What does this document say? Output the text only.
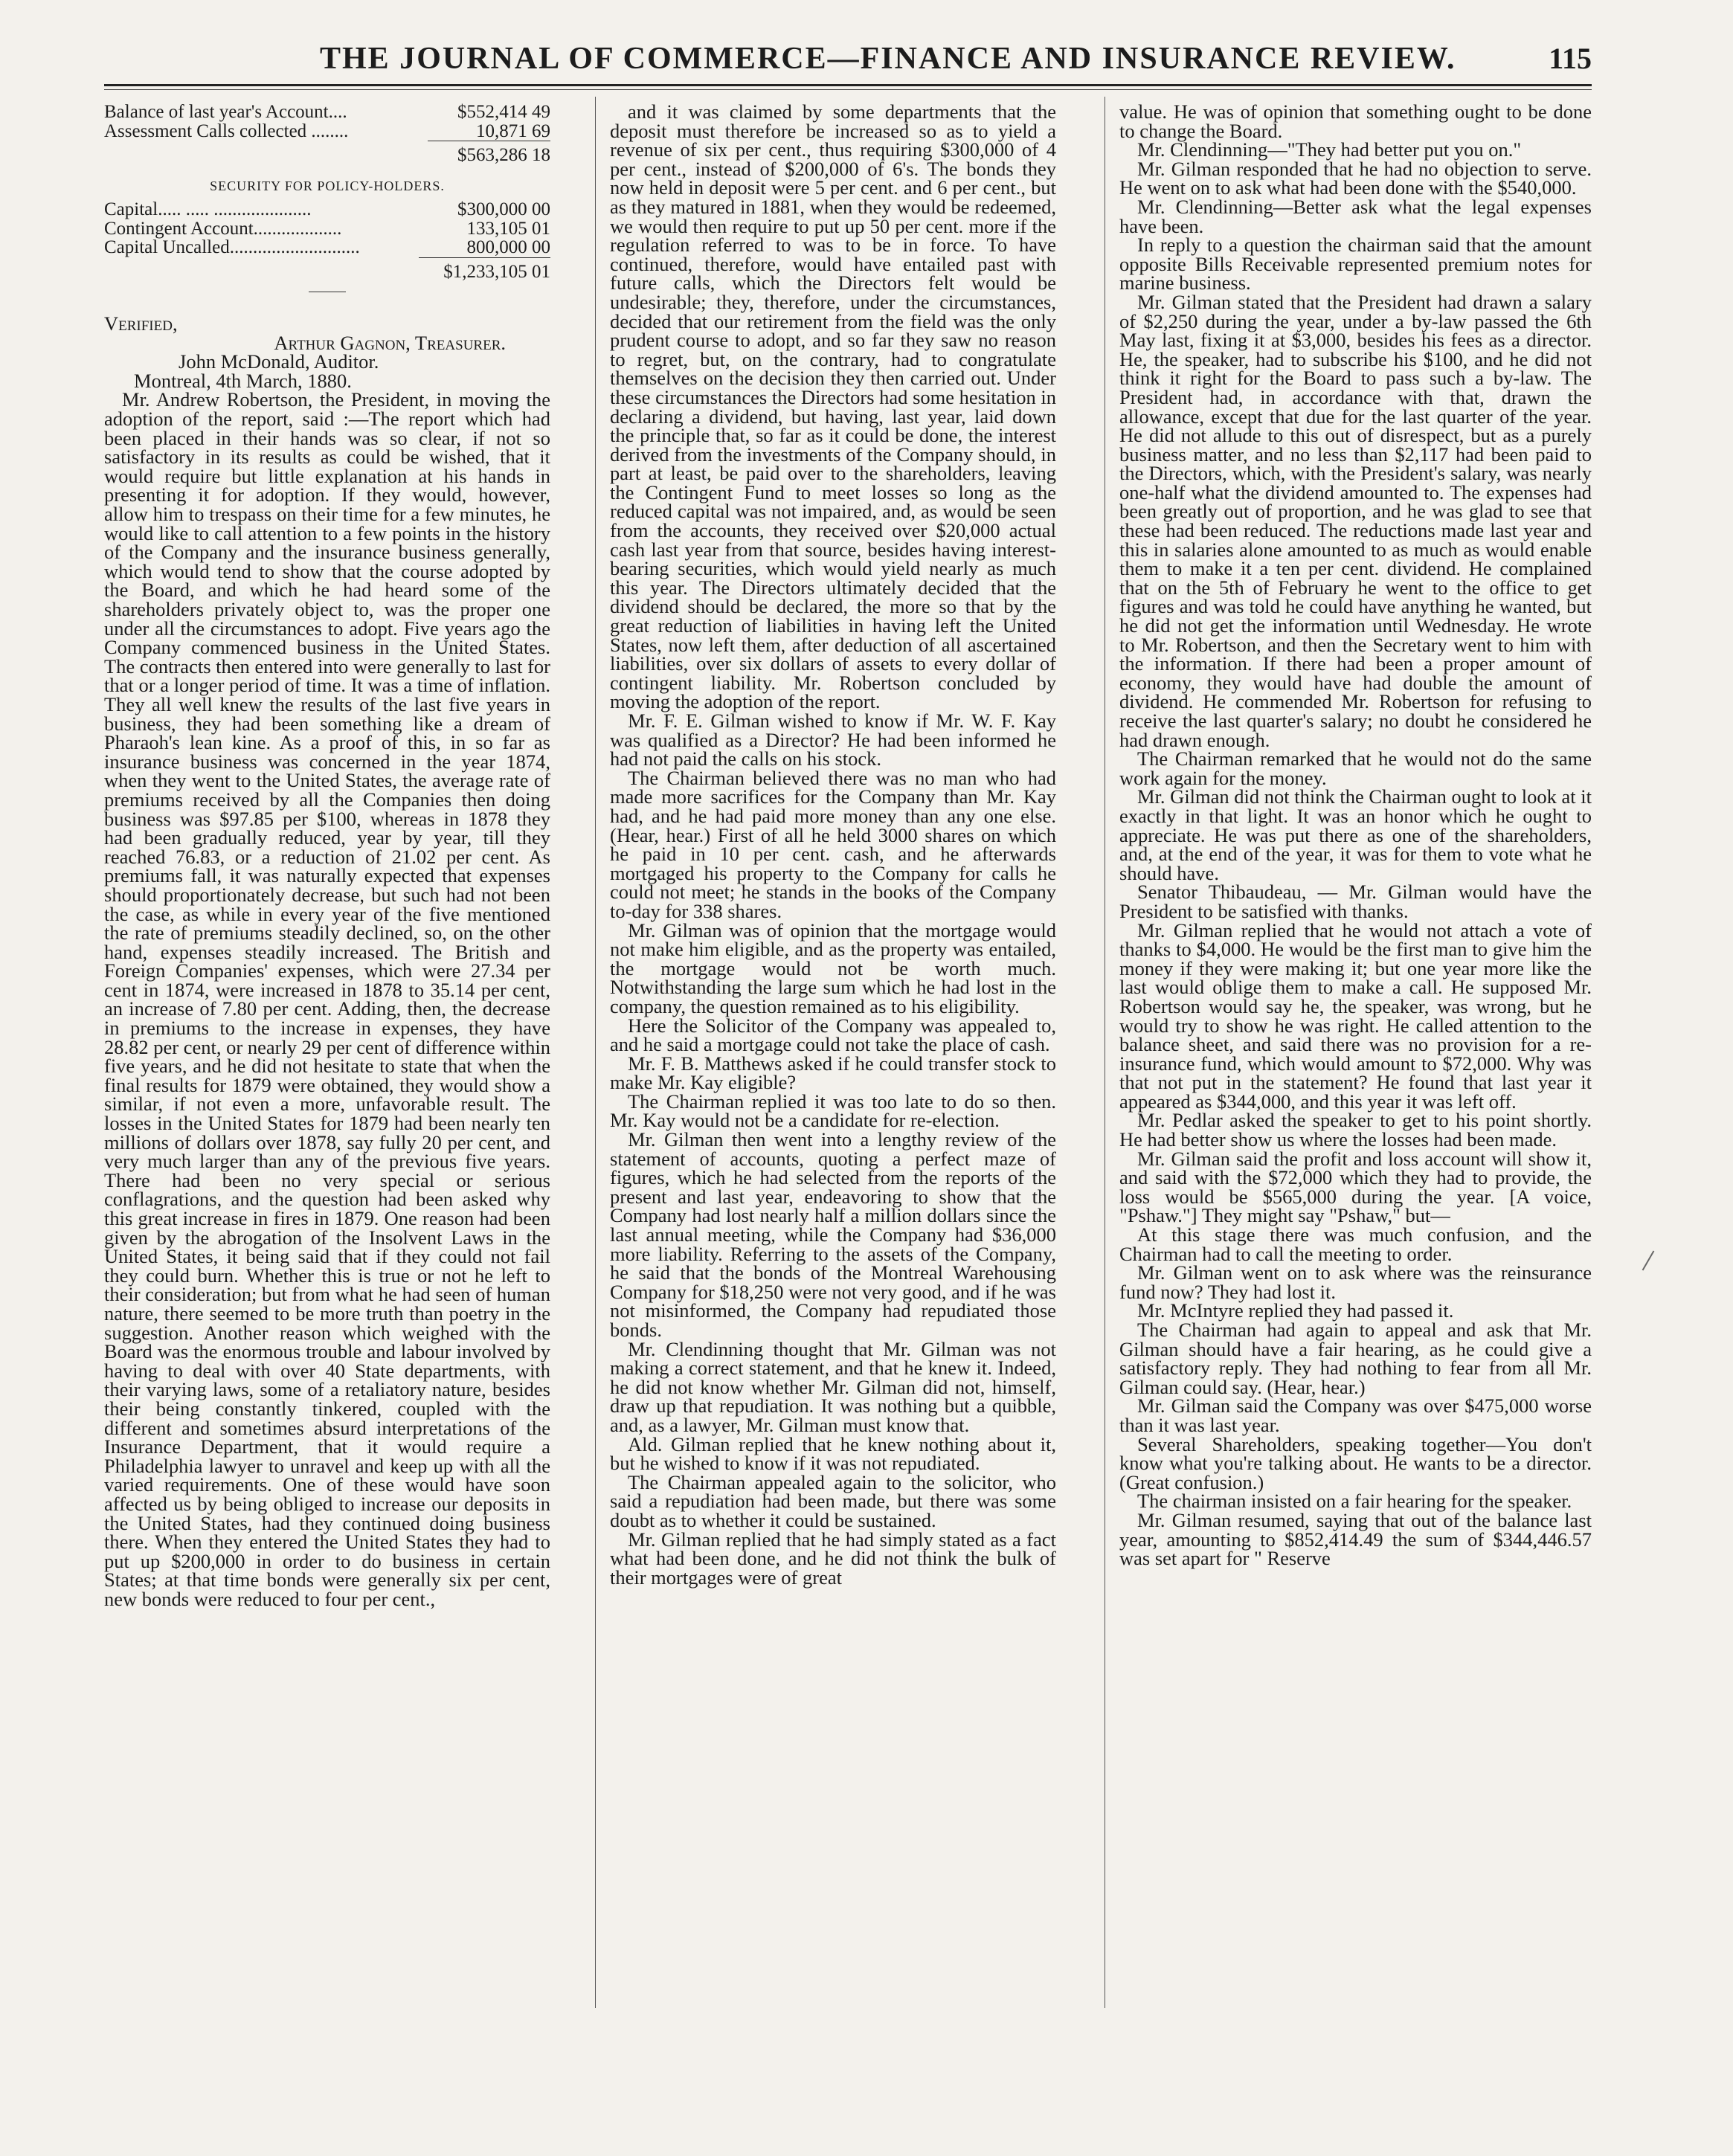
THE JOURNAL OF COMMERCE—FINANCE AND INSURANCE REVIEW.	115
Balance of last year's Account....	$552,414 49
Assessment Calls collected ........	10,871 69
	$563,286 18
SECURITY FOR POLICY-HOLDERS.
Capital..... ..... .....................	$300,000 00
Contingent Account...................	133,105 01
Capital Uncalled............................	800,000 00
	$1,233,105 01

Verified,

Arthur Gagnon, Treasurer.

John McDonald, Auditor.

Montreal, 4th March, 1880.

Mr. Andrew Robertson, the President, in moving the adoption of the report, said :—The report which had been placed in their hands was so clear, if not so satisfactory in its results as could be wished, that it would require but little explanation at his hands in presenting it for adoption. If they would, however, allow him to trespass on their time for a few minutes, he would like to call attention to a few points in the history of the Company and the insurance business generally, which would tend to show that the course adopted by the Board, and which he had heard some of the shareholders privately object to, was the proper one under all the circumstances to adopt. Five years ago the Company commenced business in the United States. The contracts then entered into were generally to last for that or a longer period of time. It was a time of inflation. They all well knew the results of the last five years in business, they had been something like a dream of Pharaoh's lean kine. As a proof of this, in so far as insurance business was concerned in the year 1874, when they went to the United States, the average rate of premiums received by all the Companies then doing business was $97.85 per $100, whereas in 1878 they had been gradually reduced, year by year, till they reached 76.83, or a reduction of 21.02 per cent. As premiums fall, it was naturally expected that expenses should proportionately decrease, but such had not been the case, as while in every year of the five mentioned the rate of premiums steadily declined, so, on the other hand, expenses steadily increased. The British and Foreign Companies' expenses, which were 27.34 per cent in 1874, were increased in 1878 to 35.14 per cent, an increase of 7.80 per cent. Adding, then, the decrease in premiums to the increase in expenses, they have 28.82 per cent, or nearly 29 per cent of difference within five years, and he did not hesitate to state that when the final results for 1879 were obtained, they would show a similar, if not even a more, unfavorable result. The losses in the United States for 1879 had been nearly ten millions of dollars over 1878, say fully 20 per cent, and very much larger than any of the previous five years. There had been no very special or serious conflagrations, and the question had been asked why this great increase in fires in 1879. One reason had been given by the abrogation of the Insolvent Laws in the United States, it being said that if they could not fail they could burn. Whether this is true or not he left to their consideration; but from what he had seen of human nature, there seemed to be more truth than poetry in the suggestion. Another reason which weighed with the Board was the enormous trouble and labour involved by having to deal with over 40 State departments, with their varying laws, some of a retaliatory nature, besides their being constantly tinkered, coupled with the different and sometimes absurd interpretations of the Insurance Department, that it would require a Philadelphia lawyer to unravel and keep up with all the varied requirements. One of these would have soon affected us by being obliged to increase our deposits in the United States, had they continued doing business there. When they entered the United States they had to put up $200,000 in order to do business in certain States; at that time bonds were generally six per cent, new bonds were reduced to four per cent.,

and it was claimed by some departments that the deposit must therefore be increased so as to yield a revenue of six per cent., thus requiring $300,000 of 4 per cent., instead of $200,000 of 6's. The bonds they now held in deposit were 5 per cent. and 6 per cent., but as they matured in 1881, when they would be redeemed, we would then require to put up 50 per cent. more if the regulation referred to was to be in force. To have continued, therefore, would have entailed past with future calls, which the Directors felt would be undesirable; they, therefore, under the circumstances, decided that our retirement from the field was the only prudent course to adopt, and so far they saw no reason to regret, but, on the contrary, had to congratulate themselves on the decision they then carried out. Under these circumstances the Directors had some hesitation in declaring a dividend, but having, last year, laid down the principle that, so far as it could be done, the interest derived from the investments of the Company should, in part at least, be paid over to the shareholders, leaving the Contingent Fund to meet losses so long as the reduced capital was not impaired, and, as would be seen from the accounts, they received over $20,000 actual cash last year from that source, besides having interest-bearing securities, which would yield nearly as much this year. The Directors ultimately decided that the dividend should be declared, the more so that by the great reduction of liabilities in having left the United States, now left them, after deduction of all ascertained liabilities, over six dollars of assets to every dollar of contingent liability. Mr. Robertson concluded by moving the adoption of the report.

Mr. F. E. Gilman wished to know if Mr. W. F. Kay was qualified as a Director? He had been informed he had not paid the calls on his stock.

The Chairman believed there was no man who had made more sacrifices for the Company than Mr. Kay had, and he had paid more money than any one else. (Hear, hear.) First of all he held 3000 shares on which he paid in 10 per cent. cash, and he afterwards mortgaged his property to the Company for calls he could not meet; he stands in the books of the Company to-day for 338 shares.

Mr. Gilman was of opinion that the mortgage would not make him eligible, and as the property was entailed, the mortgage would not be worth much. Notwithstanding the large sum which he had lost in the company, the question remained as to his eligibility.

Here the Solicitor of the Company was appealed to, and he said a mortgage could not take the place of cash.

Mr. F. B. Matthews asked if he could transfer stock to make Mr. Kay eligible?

The Chairman replied it was too late to do so then. Mr. Kay would not be a candidate for re-election.

Mr. Gilman then went into a lengthy review of the statement of accounts, quoting a perfect maze of figures, which he had selected from the reports of the present and last year, endeavoring to show that the Company had lost nearly half a million dollars since the last annual meeting, while the Company had $36,000 more liability. Referring to the assets of the Company, he said that the bonds of the Montreal Warehousing Company for $18,250 were not very good, and if he was not misinformed, the Company had repudiated those bonds.

Mr. Clendinning thought that Mr. Gilman was not making a correct statement, and that he knew it. Indeed, he did not know whether Mr. Gilman did not, himself, draw up that repudiation. It was nothing but a quibble, and, as a lawyer, Mr. Gilman must know that.

Ald. Gilman replied that he knew nothing about it, but he wished to know if it was not repudiated.

The Chairman appealed again to the solicitor, who said a repudiation had been made, but there was some doubt as to whether it could be sustained.

Mr. Gilman replied that he had simply stated as a fact what had been done, and he did not think the bulk of their mortgages were of great

value. He was of opinion that something ought to be done to change the Board.

Mr. Clendinning—"They had better put you on."

Mr. Gilman responded that he had no objection to serve. He went on to ask what had been done with the $540,000.

Mr. Clendinning—Better ask what the legal expenses have been.

In reply to a question the chairman said that the amount opposite Bills Receivable represented premium notes for marine business.

Mr. Gilman stated that the President had drawn a salary of $2,250 during the year, under a by-law passed the 6th May last, fixing it at $3,000, besides his fees as a director. He, the speaker, had to subscribe his $100, and he did not think it right for the Board to pass such a by-law. The President had, in accordance with that, drawn the allowance, except that due for the last quarter of the year. He did not allude to this out of disrespect, but as a purely business matter, and no less than $2,117 had been paid to the Directors, which, with the President's salary, was nearly one-half what the dividend amounted to. The expenses had been greatly out of proportion, and he was glad to see that these had been reduced. The reductions made last year and this in salaries alone amounted to as much as would enable them to make it a ten per cent. dividend. He complained that on the 5th of February he went to the office to get figures and was told he could have anything he wanted, but he did not get the information until Wednesday. He wrote to Mr. Robertson, and then the Secretary went to him with the information. If there had been a proper amount of economy, they would have had double the amount of dividend. He commended Mr. Robertson for refusing to receive the last quarter's salary; no doubt he considered he had drawn enough.

The Chairman remarked that he would not do the same work again for the money.

Mr. Gilman did not think the Chairman ought to look at it exactly in that light. It was an honor which he ought to appreciate. He was put there as one of the shareholders, and, at the end of the year, it was for them to vote what he should have.

Senator Thibaudeau, — Mr. Gilman would have the President to be satisfied with thanks.

Mr. Gilman replied that he would not attach a vote of thanks to $4,000. He would be the first man to give him the money if they were making it; but one year more like the last would oblige them to make a call. He supposed Mr. Robertson would say he, the speaker, was wrong, but he would try to show he was right. He called attention to the balance sheet, and said there was no provision for a re-insurance fund, which would amount to $72,000. Why was that not put in the statement? He found that last year it appeared as $344,000, and this year it was left off.

Mr. Pedlar asked the speaker to get to his point shortly. He had better show us where the losses had been made.

Mr. Gilman said the profit and loss account will show it, and said with the $72,000 which they had to provide, the loss would be $565,000 during the year. [A voice, "Pshaw."] They might say "Pshaw," but—

At this stage there was much confusion, and the Chairman had to call the meeting to order.

Mr. Gilman went on to ask where was the reinsurance fund now? They had lost it.

Mr. McIntyre replied they had passed it.

The Chairman had again to appeal and ask that Mr. Gilman should have a fair hearing, as he could give a satisfactory reply. They had nothing to fear from all Mr. Gilman could say. (Hear, hear.)

Mr. Gilman said the Company was over $475,000 worse than it was last year.

Several Shareholders, speaking together—You don't know what you're talking about. He wants to be a director. (Great confusion.)

The chairman insisted on a fair hearing for the speaker.

Mr. Gilman resumed, saying that out of the balance last year, amounting to $852,414.49 the sum of $344,446.57 was set apart for " Reserve
